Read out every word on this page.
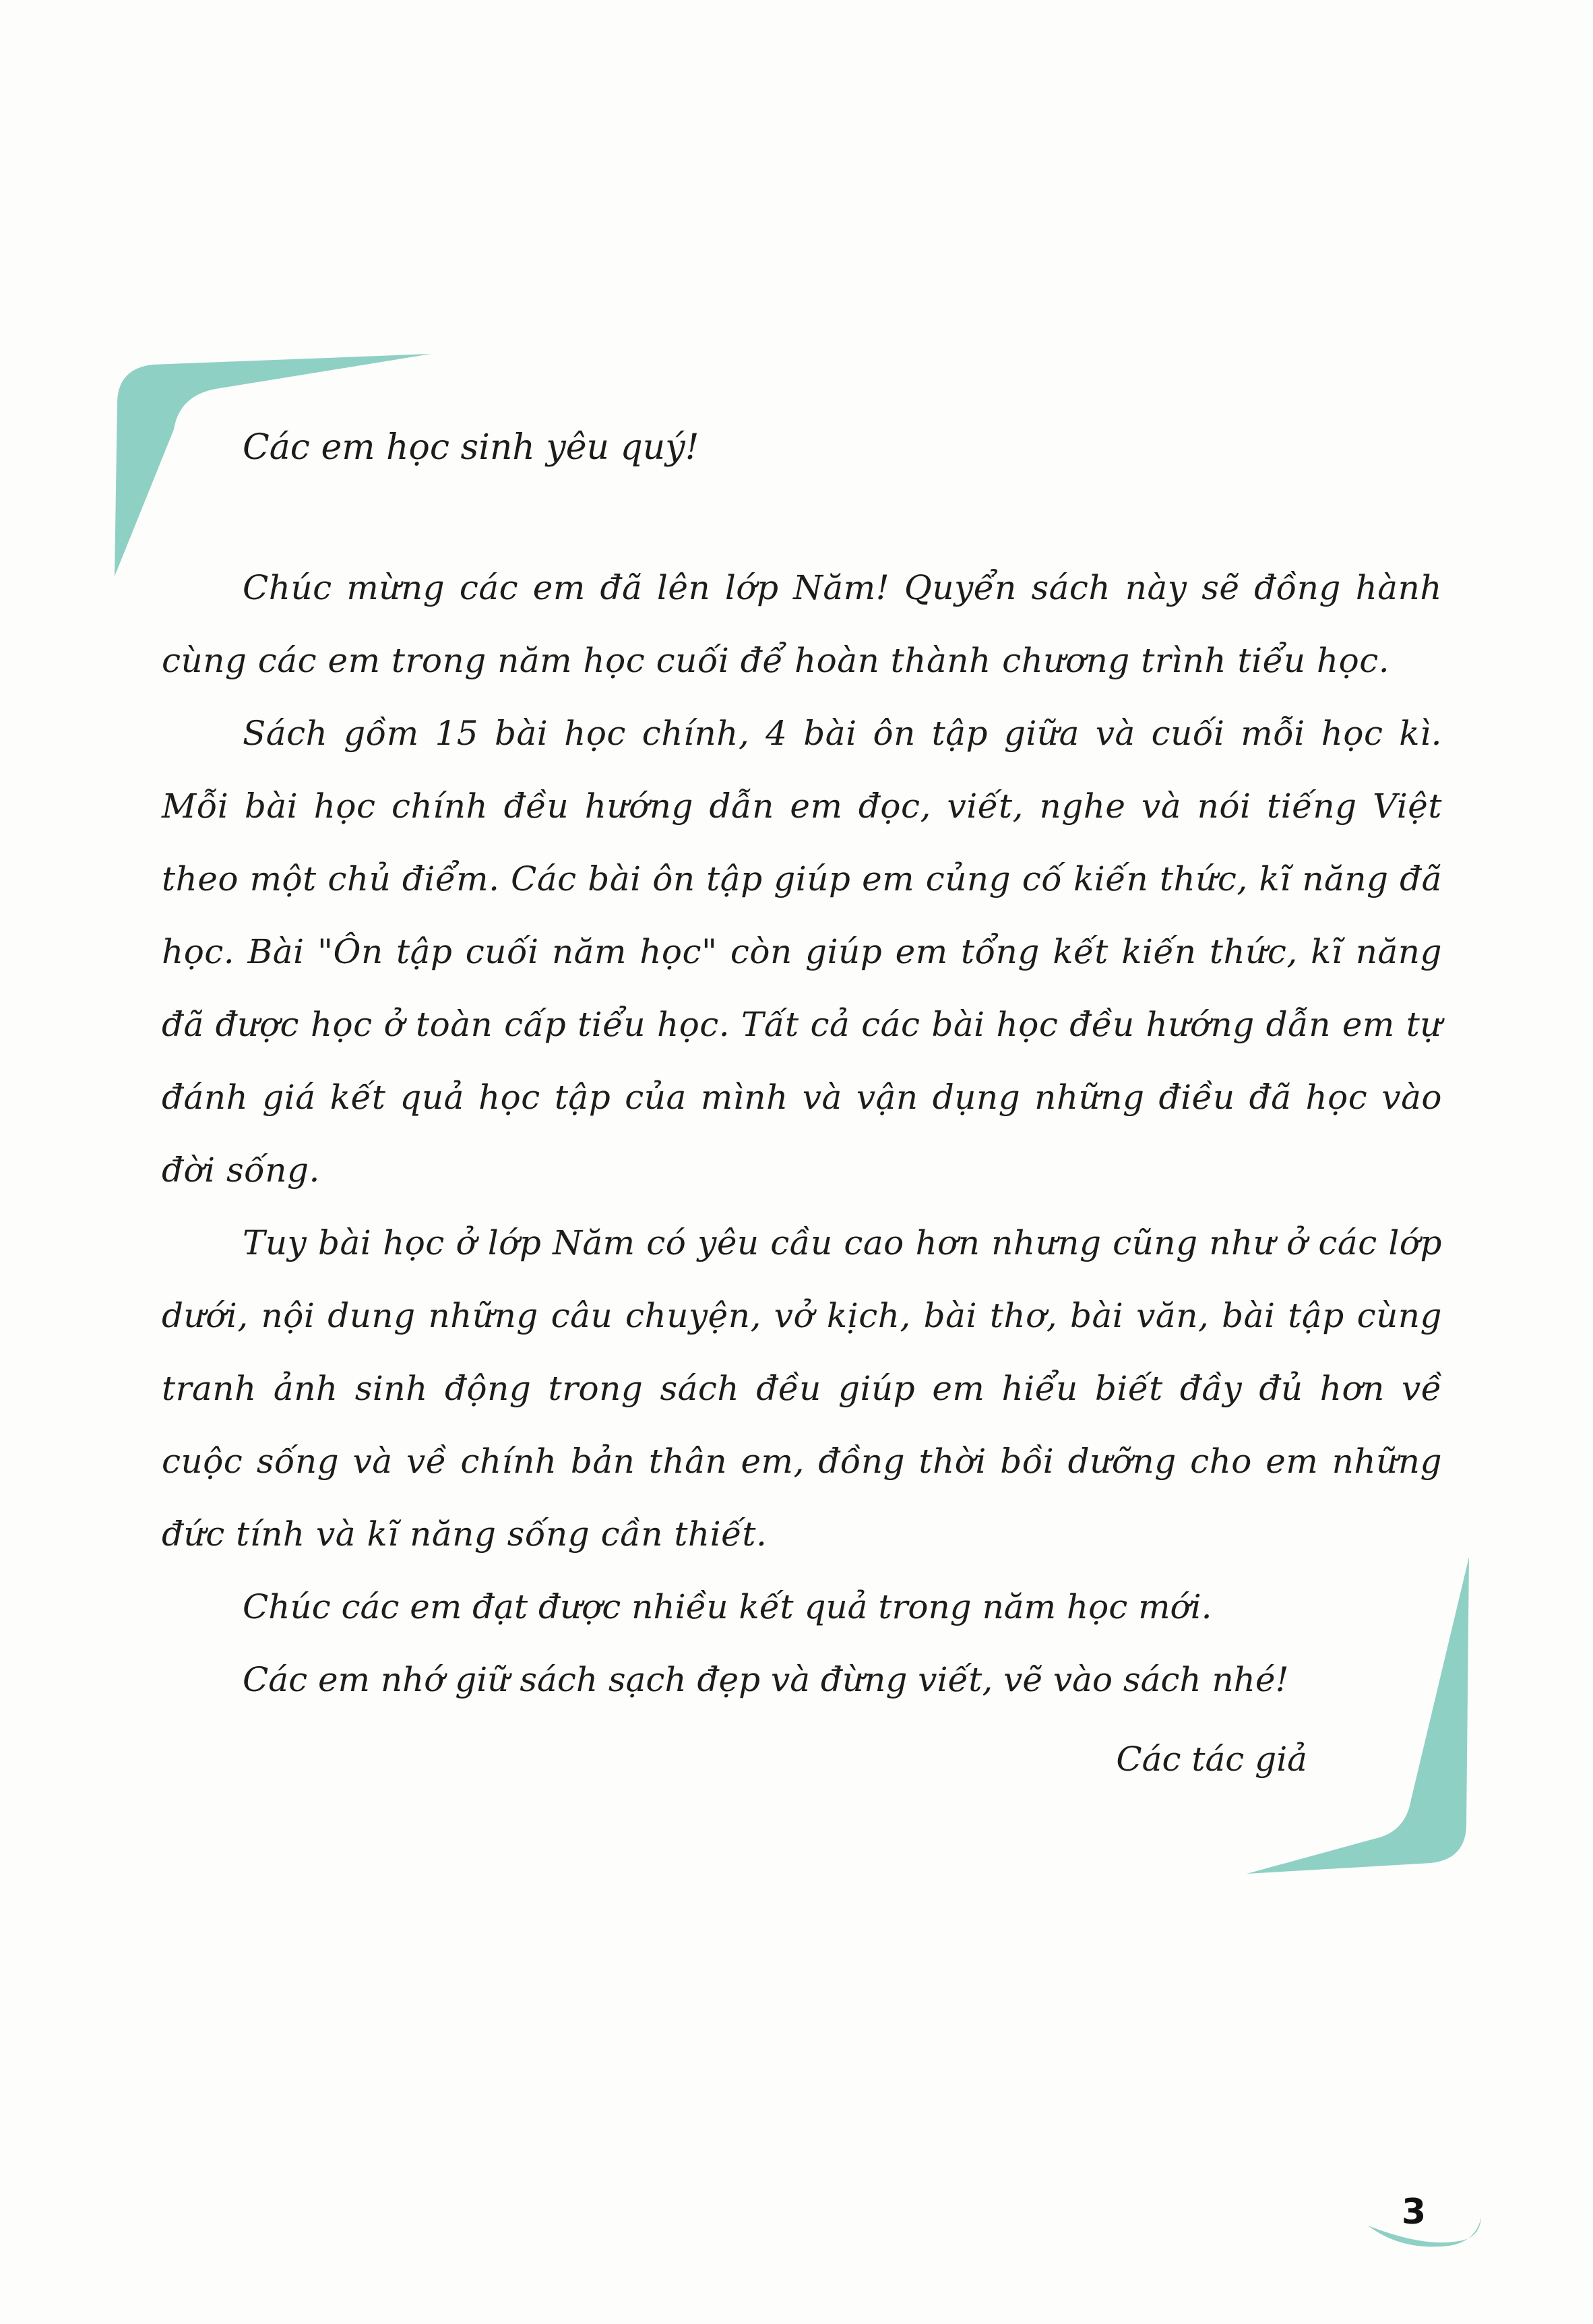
Các em học sinh yêu quý!

Chúc mừng các em đã lên lớp Năm! Quyển sách này sẽ đồng hành cùng các em trong năm học cuối để hoàn thành chương trình tiểu học.

Sách gồm 15 bài học chính, 4 bài ôn tập giữa và cuối mỗi học kì. Mỗi bài học chính đều hướng dẫn em đọc, viết, nghe và nói tiếng Việt theo một chủ điểm. Các bài ôn tập giúp em củng cố kiến thức, kĩ năng đã học. Bài "Ôn tập cuối năm học" còn giúp em tổng kết kiến thức, kĩ năng đã được học ở toàn cấp tiểu học. Tất cả các bài học đều hướng dẫn em tự đánh giá kết quả học tập của mình và vận dụng những điều đã học vào đời sống.

Tuy bài học ở lớp Năm có yêu cầu cao hơn nhưng cũng như ở các lớp dưới, nội dung những câu chuyện, vở kịch, bài thơ, bài văn, bài tập cùng tranh ảnh sinh động trong sách đều giúp em hiểu biết đầy đủ hơn về cuộc sống và về chính bản thân em, đồng thời bồi dưỡng cho em những đức tính và kĩ năng sống cần thiết.

Chúc các em đạt được nhiều kết quả trong năm học mới.

Các em nhớ giữ sách sạch đẹp và đừng viết, vẽ vào sách nhé!

Các tác giả

3
